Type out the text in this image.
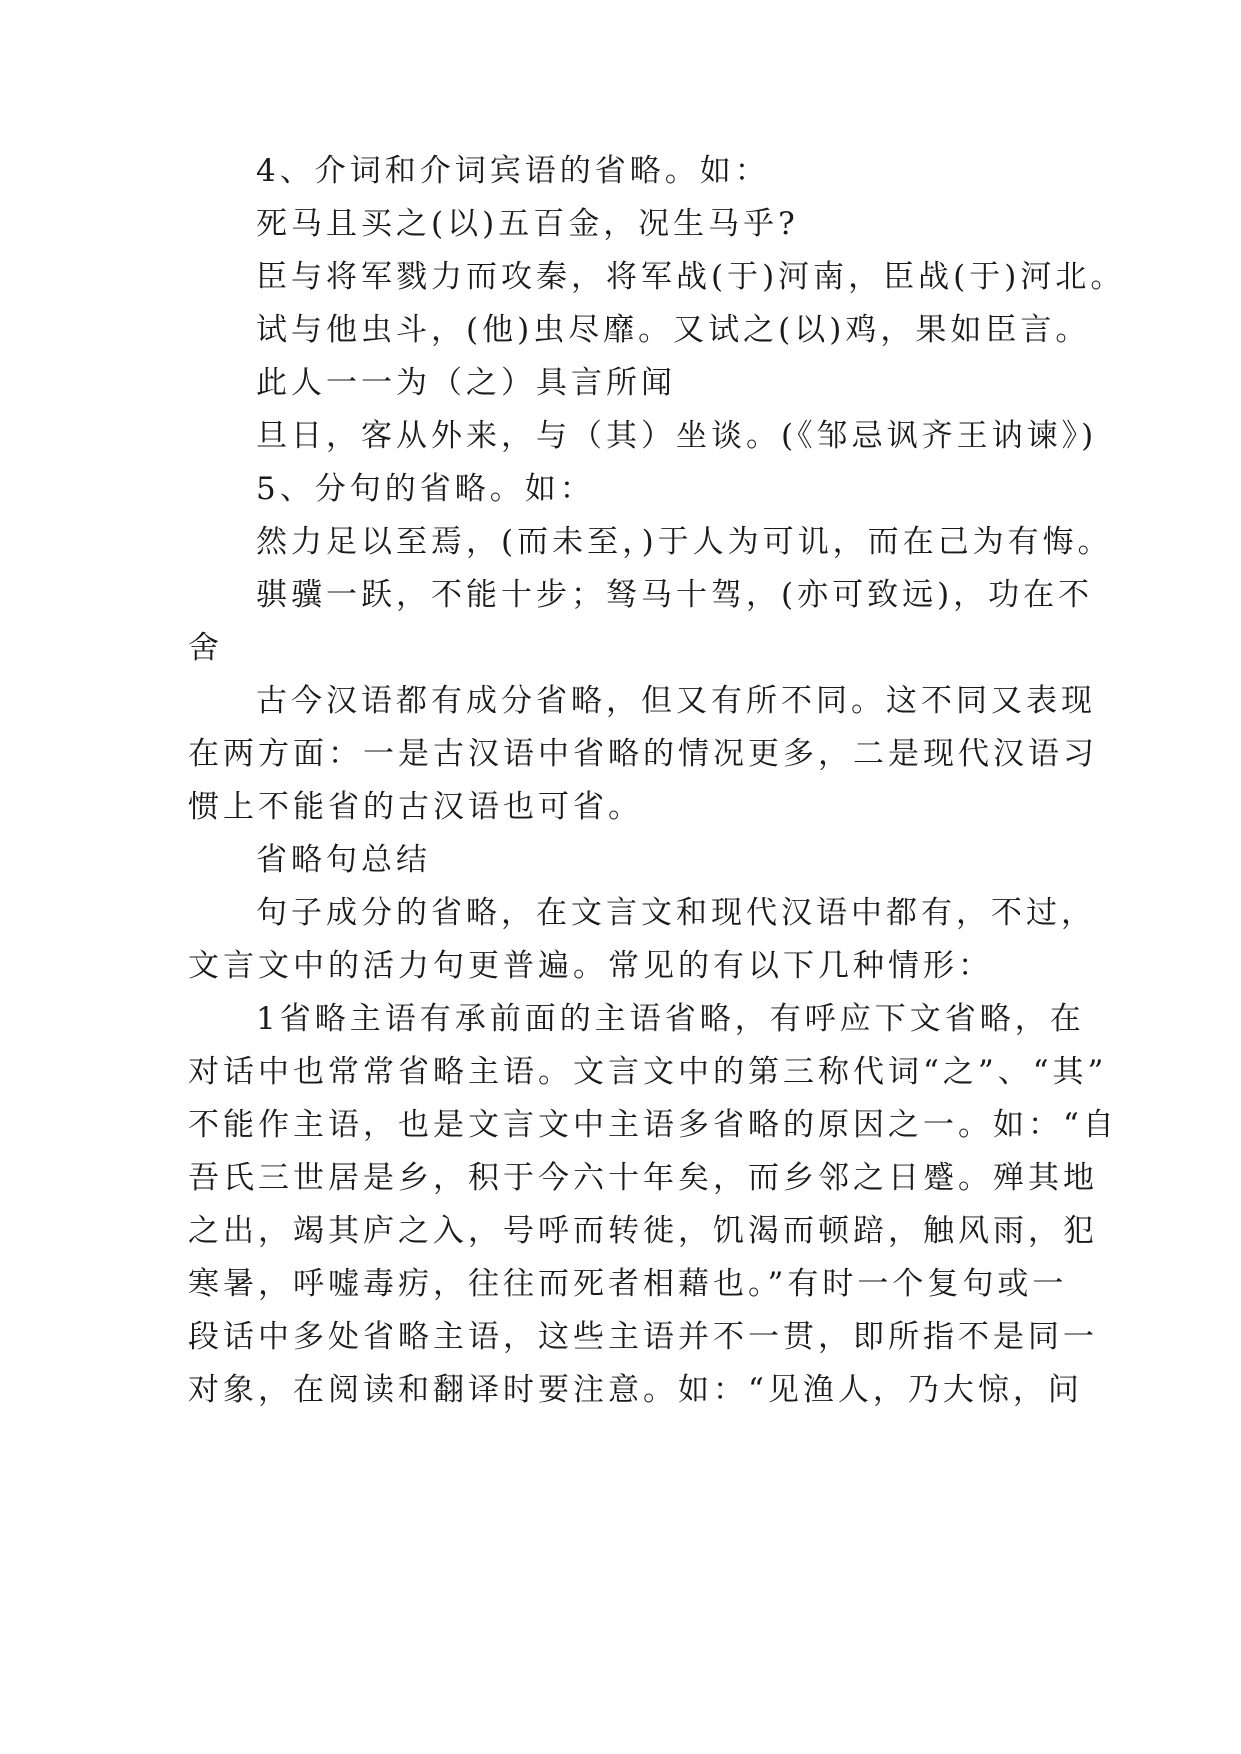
4、介词和介词宾语的省略。如：
死马且买之(以)五百金，况生马乎?
臣与将军戮力而攻秦，将军战(于)河南，臣战(于)河北。
试与他虫斗，(他)虫尽靡。又试之(以)鸡，果如臣言。
此人一一为（之）具言所闻
旦日，客从外来，与（其）坐谈。(《邹忌讽齐王讷谏》)
5、分句的省略。如：
然力足以至焉，(而未至，)于人为可讥，而在己为有悔。
骐骥一跃，不能十步；驽马十驾，(亦可致远)，功在不
舍
古今汉语都有成分省略，但又有所不同。这不同又表现
在两方面：一是古汉语中省略的情况更多，二是现代汉语习
惯上不能省的古汉语也可省。
省略句总结
句子成分的省略，在文言文和现代汉语中都有，不过，
文言文中的活力句更普遍。常见的有以下几种情形：
1省略主语有承前面的主语省略，有呼应下文省略，在
对话中也常常省略主语。文言文中的第三称代词“之”、“其”
不能作主语，也是文言文中主语多省略的原因之一。如：“自
吾氏三世居是乡，积于今六十年矣，而乡邻之日蹙。殚其地
之出，竭其庐之入，号呼而转徙，饥渴而顿踣，触风雨，犯
寒暑，呼嘘毒疠，往往而死者相藉也。”有时一个复句或一
段话中多处省略主语，这些主语并不一贯，即所指不是同一
对象，在阅读和翻译时要注意。如：“见渔人，乃大惊，问
